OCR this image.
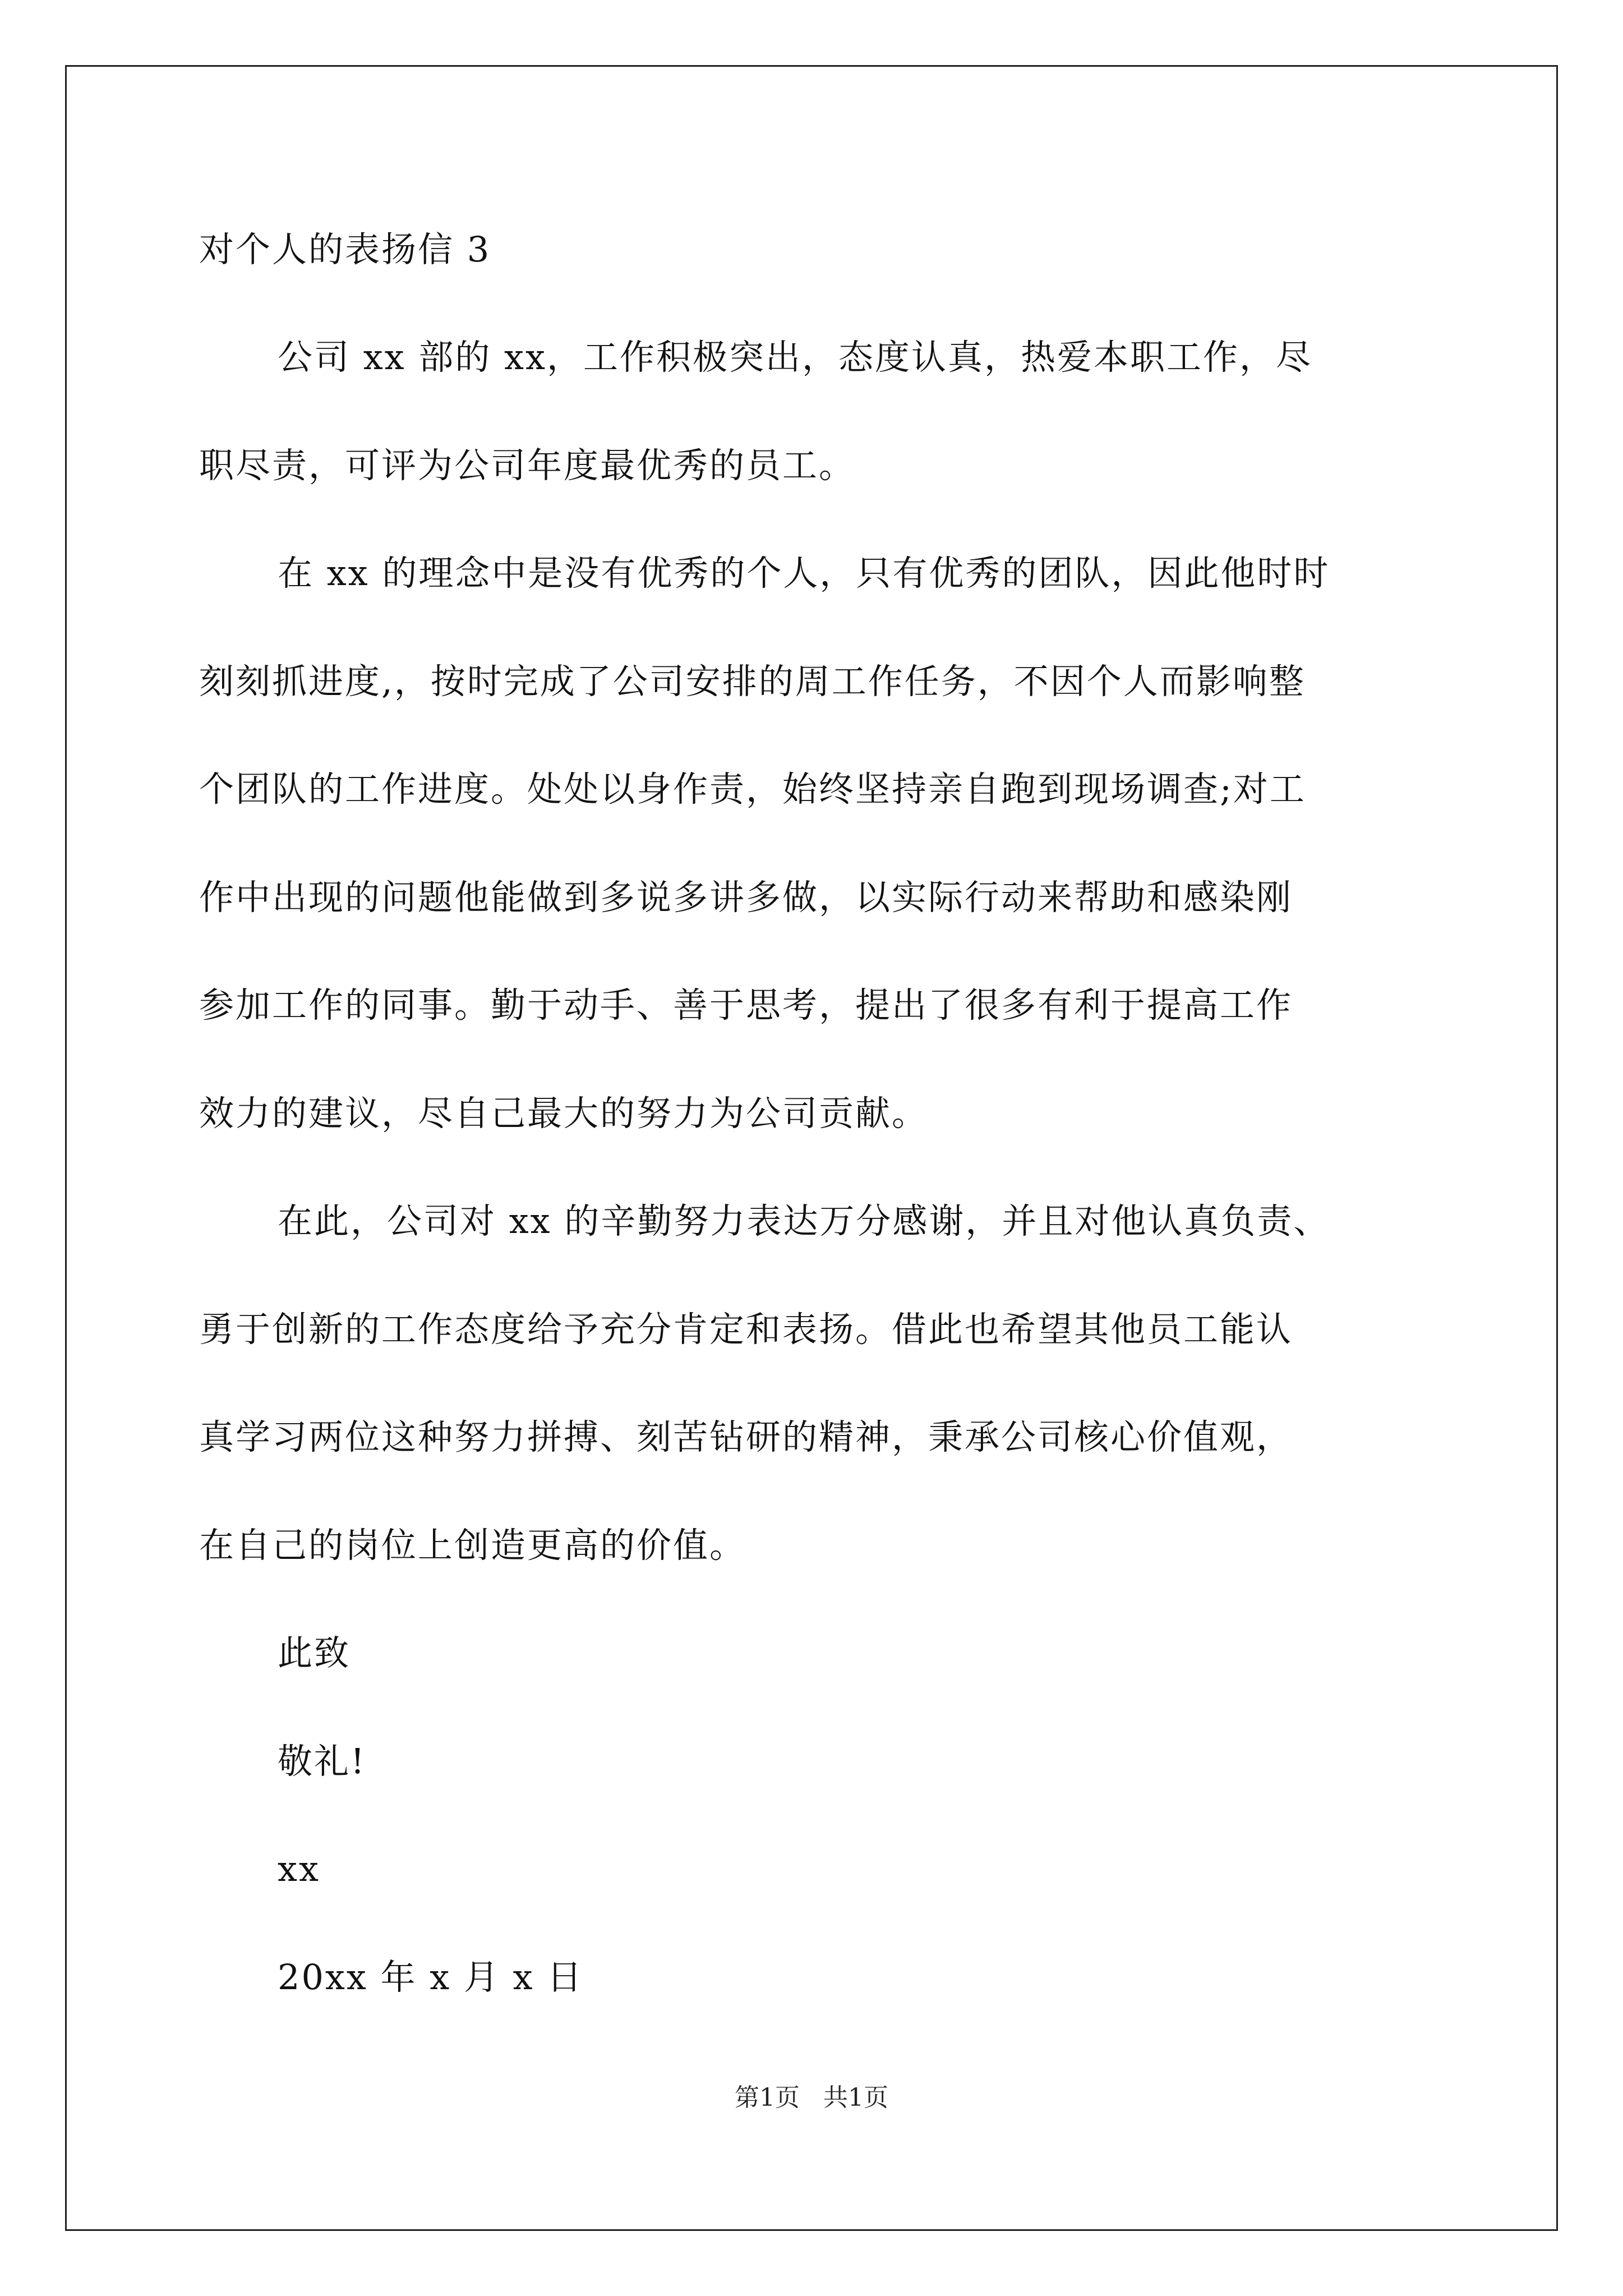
对个人的表扬信 3
公司 xx 部的 xx，工作积极突出，态度认真，热爱本职工作，尽
职尽责，可评为公司年度最优秀的员工。
在 xx 的理念中是没有优秀的个人，只有优秀的团队，因此他时时
刻刻抓进度,，按时完成了公司安排的周工作任务，不因个人而影响整
个团队的工作进度。处处以身作责，始终坚持亲自跑到现场调查;对工
作中出现的问题他能做到多说多讲多做，以实际行动来帮助和感染刚
参加工作的同事。勤于动手、善于思考，提出了很多有利于提高工作
效力的建议，尽自己最大的努力为公司贡献。
在此，公司对 xx 的辛勤努力表达万分感谢，并且对他认真负责、
勇于创新的工作态度给予充分肯定和表扬。借此也希望其他员工能认
真学习两位这种努力拼搏、刻苦钻研的精神，秉承公司核心价值观，
在自己的岗位上创造更高的价值。
此致
敬礼!
xx
20xx 年 x 月 x 日
第1页   共1页
